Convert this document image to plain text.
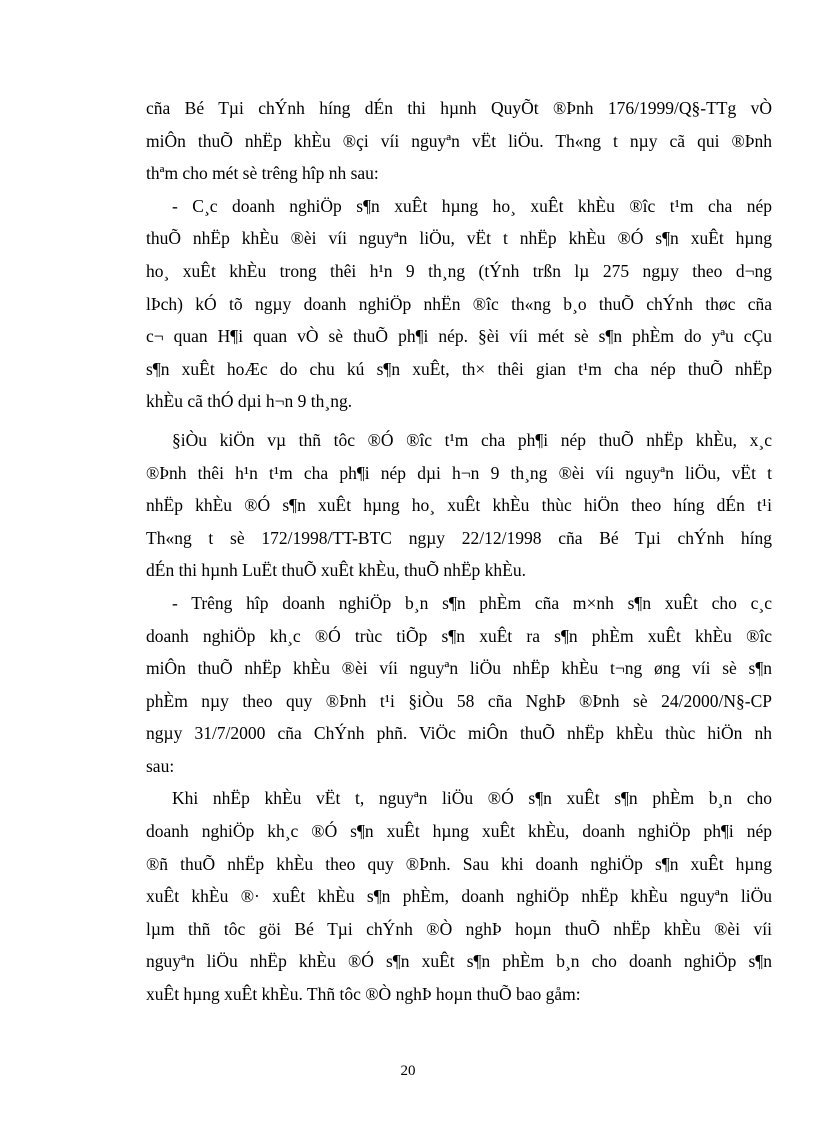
cña Bé Tµi chÝnh híng dÉn thi hµnh QuyÕt ®Þnh 176/1999/Q§-TTg vÒ
miÔn thuÕ nhËp khÈu ®çi víi nguyªn vËt liÖu. Th«ng t nµy cã qui ®Þnh
thªm cho mét sè trêng hîp nh sau:
- C¸c doanh nghiÖp s¶n xuÊt hµng ho¸ xuÊt khÈu ®îc t¹m cha nép
thuÕ nhËp khÈu ®èi víi nguyªn liÖu, vËt t nhËp khÈu ®Ó s¶n xuÊt hµng
ho¸ xuÊt khÈu trong thêi h¹n 9 th¸ng (tÝnh trßn lµ 275 ngµy theo d¬ng
lÞch) kÓ tõ ngµy doanh nghiÖp nhËn ®îc th«ng b¸o thuÕ chÝnh thøc cña
c¬ quan H¶i quan vÒ sè thuÕ ph¶i nép. §èi víi mét sè s¶n phÈm do yªu cÇu
s¶n xuÊt hoÆc do chu kú s¶n xuÊt, th× thêi gian t¹m cha nép thuÕ nhËp
khÈu cã thÓ dµi h¬n 9 th¸ng.
§iÒu kiÖn vµ thñ tôc ®Ó ®îc t¹m cha ph¶i nép thuÕ nhËp khÈu, x¸c
®Þnh thêi h¹n t¹m cha ph¶i nép dµi h¬n 9 th¸ng ®èi víi nguyªn liÖu, vËt t
nhËp khÈu ®Ó s¶n xuÊt hµng ho¸ xuÊt khÈu thùc hiÖn theo híng dÉn t¹i
Th«ng t sè 172/1998/TT-BTC ngµy 22/12/1998 cña Bé Tµi chÝnh híng
dÉn thi hµnh LuËt thuÕ xuÊt khÈu, thuÕ nhËp khÈu.
- Trêng hîp doanh nghiÖp b¸n s¶n phÈm cña m×nh s¶n xuÊt cho c¸c
doanh nghiÖp kh¸c ®Ó trùc tiÕp s¶n xuÊt ra s¶n phÈm xuÊt khÈu ®îc
miÔn thuÕ nhËp khÈu ®èi víi nguyªn liÖu nhËp khÈu t¬ng øng víi sè s¶n
phÈm nµy theo quy ®Þnh t¹i §iÒu 58 cña NghÞ ®Þnh sè 24/2000/N§-CP
ngµy 31/7/2000 cña ChÝnh phñ. ViÖc miÔn thuÕ nhËp khÈu thùc hiÖn nh
sau:
Khi nhËp khÈu vËt t, nguyªn liÖu ®Ó s¶n xuÊt s¶n phÈm b¸n cho
doanh nghiÖp kh¸c ®Ó s¶n xuÊt hµng xuÊt khÈu, doanh nghiÖp ph¶i nép
®ñ thuÕ nhËp khÈu theo quy ®Þnh. Sau khi doanh nghiÖp s¶n xuÊt hµng
xuÊt khÈu ®· xuÊt khÈu s¶n phÈm, doanh nghiÖp nhËp khÈu nguyªn liÖu
lµm thñ tôc göi Bé Tµi chÝnh ®Ò nghÞ hoµn thuÕ nhËp khÈu ®èi víi
nguyªn liÖu nhËp khÈu ®Ó s¶n xuÊt s¶n phÈm b¸n cho doanh nghiÖp s¶n
xuÊt hµng xuÊt khÈu. Thñ tôc ®Ò nghÞ hoµn thuÕ bao gåm:
20
